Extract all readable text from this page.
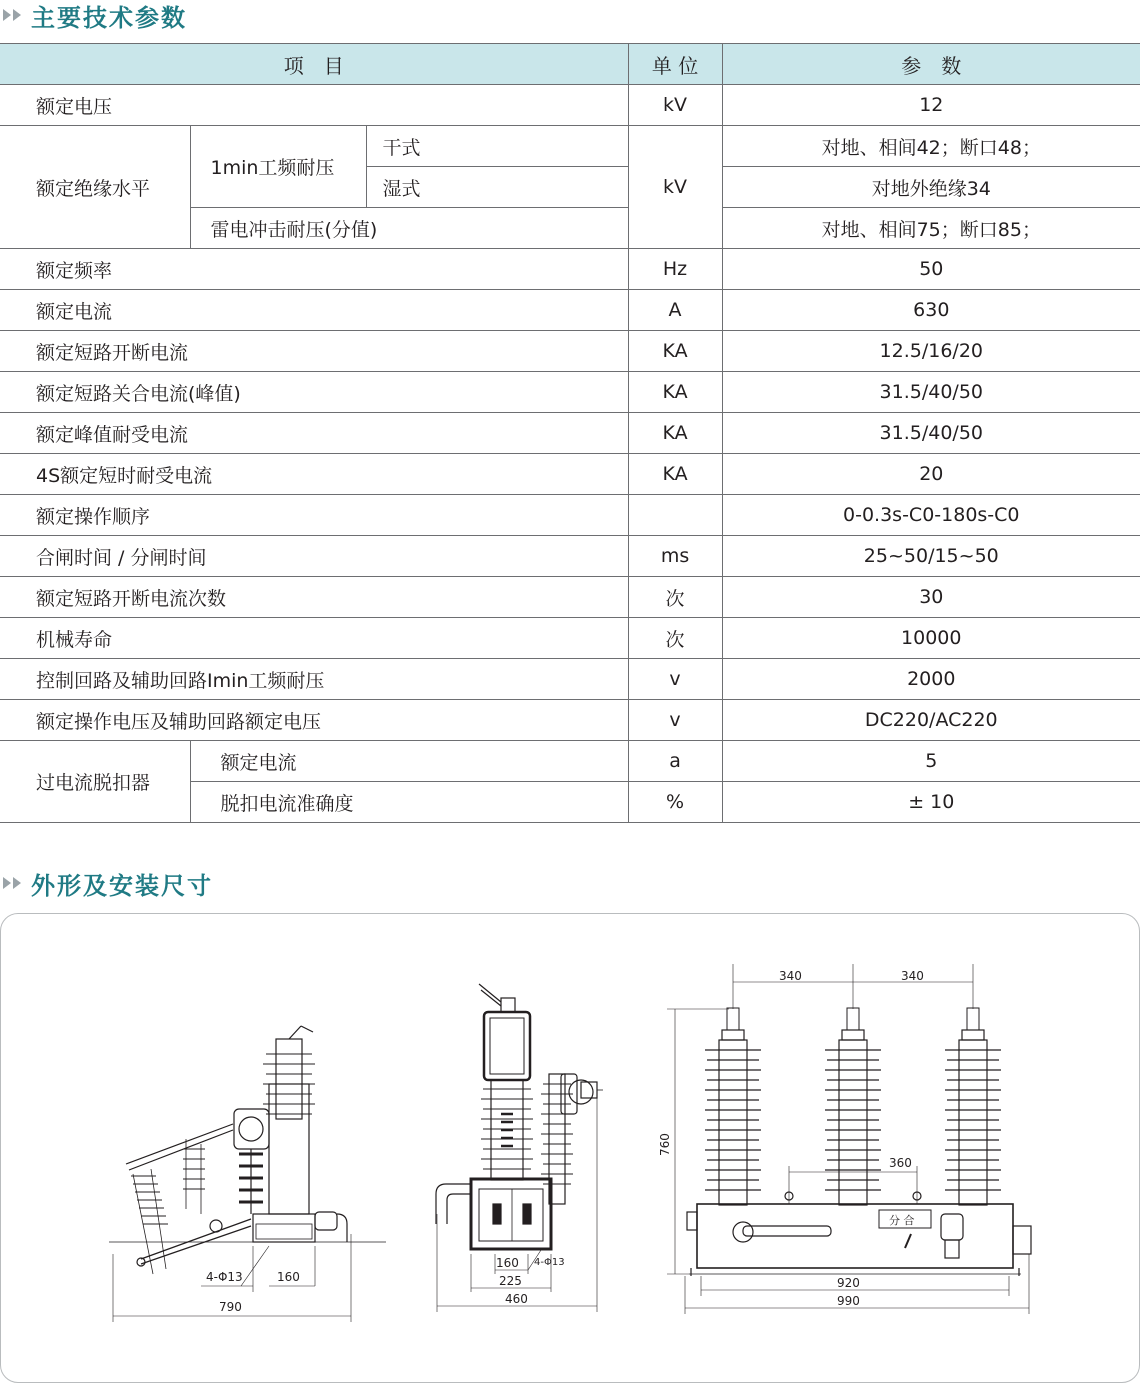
主要技术参数
项　目			单 位	参　数
额定电压			kV	12
额定绝缘水平	1min工频耐压	干式	kV	对地、相间42；断口48；
		湿式		对地外绝缘34
	雷电冲击耐压(分值)			对地、相间75；断口85；
额定频率			Hz	50
额定电流			A	630
额定短路开断电流			KA	12.5/16/20
额定短路关合电流(峰值)			KA	31.5/40/50
额定峰值耐受电流			KA	31.5/40/50
4S额定短时耐受电流			KA	20
额定操作顺序				0-0.3s-C0-180s-C0
合闸时间 / 分闸时间			ms	25~50/15~50
额定短路开断电流次数			次	30
机械寿命			次	10000
控制回路及辅助回路Imin工频耐压			v	2000
额定操作电压及辅助回路额定电压			v	DC220/AC220
过电流脱扣器	额定电流		a	5
	脱扣电流准确度		%	± 10
外形及安装尺寸
4-Φ13	160
790
160 4-Φ13
225
460
340	340
760
360
分 合
920
990
